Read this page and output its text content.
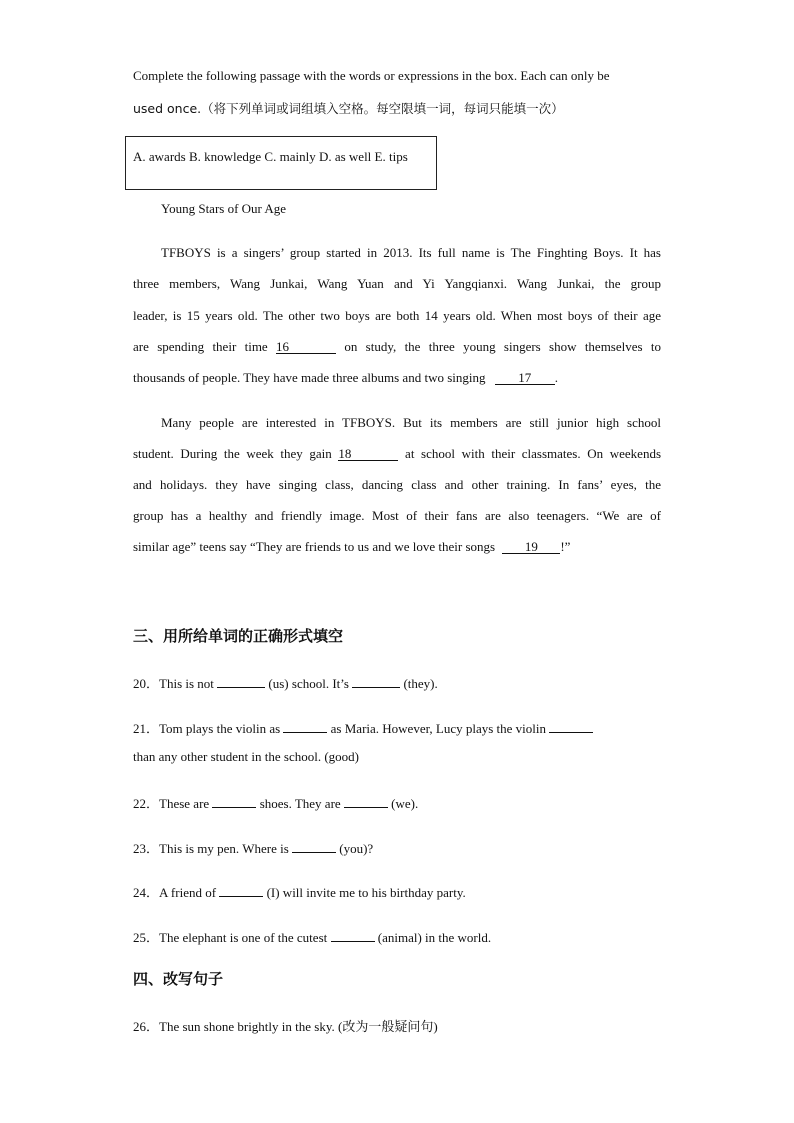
Complete the following passage with the words or expressions in the box. Each can only be
used once.（将下列单词或词组填入空格。每空限填一词，每词只能填一次）
A. awards B. knowledge C. mainly D. as well E. tips
Young Stars of Our Age
TFBOYS is a singers’ group started in 2013. Its full name is The Finghting Boys. It has
three members, Wang Junkai, Wang Yuan and Yi Yangqianxi. Wang Junkai, the group
leader, is 15 years old. The other two boys are both 14 years old. When most boys of their age
are spending their time 16	on study, the three young singers show themselves to
thousands of people. They have made three albums and two singing	17 .
Many people are interested in TFBOYS. But its members are still junior high school
student. During the week they gain 18	at school with their classmates. On weekends
and holidays. they have singing class, dancing class and other training. In fans’ eyes, the
group has a healthy and friendly image. Most of their fans are also teenagers. “We are of
similar age” teens say “They are friends to us and we love their songs 19 !”
三、用所给单词的正确形式填空
20．This is not	(us) school. It’s	(they).
21．Tom plays the violin as	as Maria. However, Lucy plays the violin
than any other student in the school. (good)
22．These are	shoes. They are	(we).
23．This is my pen. Where is	(you)?
24．A friend of	(I) will invite me to his birthday party.
25．The elephant is one of the cutest	(animal) in the world.
四、改写句子
26．The sun shone brightly in the sky. (改为一般疑问句)
